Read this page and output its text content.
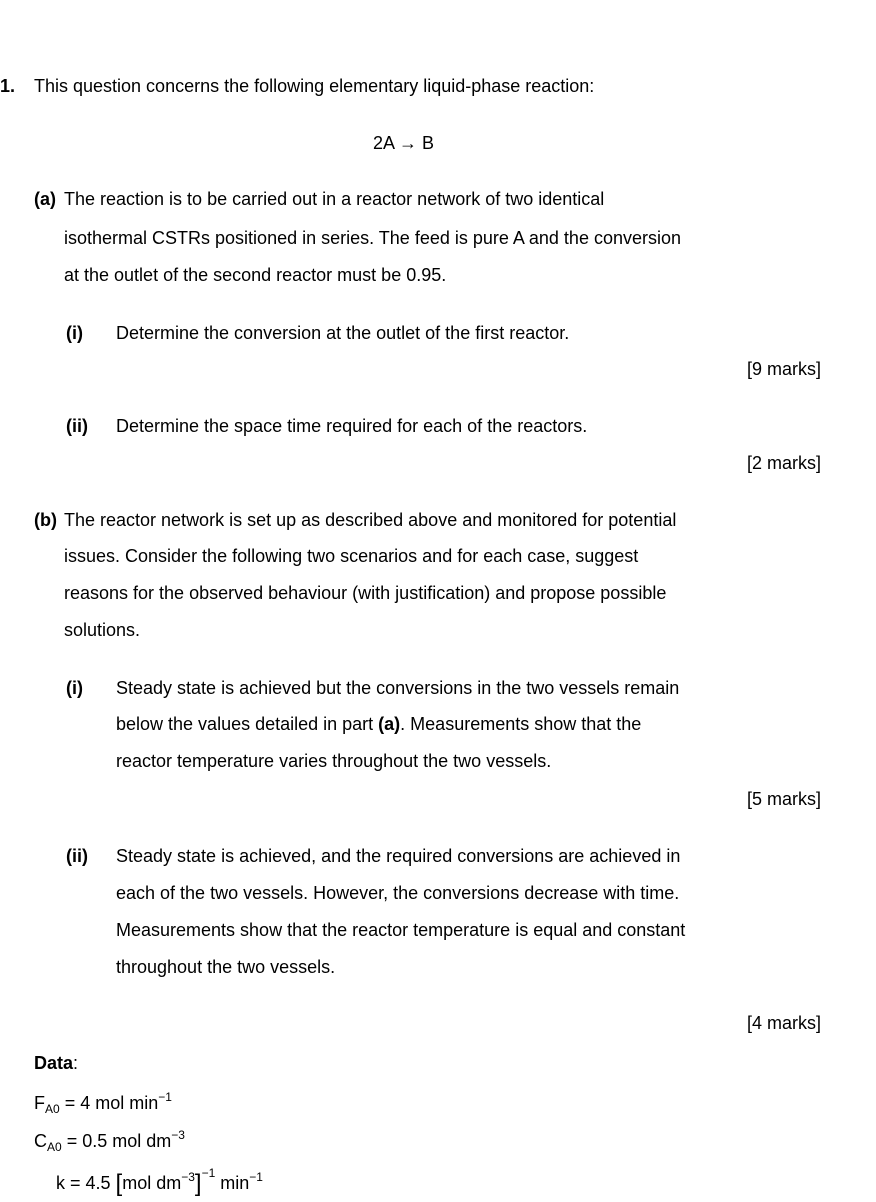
1. This question concerns the following elementary liquid-phase reaction:
2A → B
(a) The reaction is to be carried out in a reactor network of two identical
isothermal CSTRs positioned in series. The feed is pure A and the conversion
at the outlet of the second reactor must be 0.95.
(i) Determine the conversion at the outlet of the first reactor.
[9 marks]
(ii) Determine the space time required for each of the reactors.
[2 marks]
(b) The reactor network is set up as described above and monitored for potential
issues. Consider the following two scenarios and for each case, suggest
reasons for the observed behaviour (with justification) and propose possible
solutions.
(i) Steady state is achieved but the conversions in the two vessels remain
below the values detailed in part (a). Measurements show that the
reactor temperature varies throughout the two vessels.
[5 marks]
(ii) Steady state is achieved, and the required conversions are achieved in
each of the two vessels. However, the conversions decrease with time.
Measurements show that the reactor temperature is equal and constant
throughout the two vessels.
[4 marks]
Data:
$F_{A0} = 4$ mol $\min^{-1}$
$C_{A0} = 0.5$ mol $dm^{-3}$
k = 4.5 [mol $dm^{-3}]^{-1}$ $\min^{-1}$
